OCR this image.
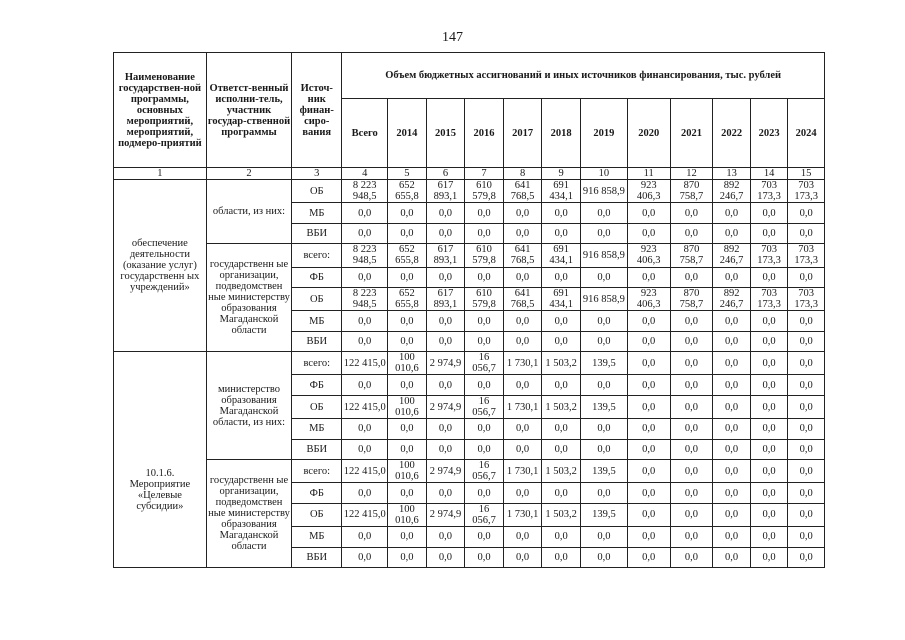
147
Наименование государствен-ной программы, основных мероприятий, мероприятий, подмеро-приятий	Ответст-венный исполни-тель, участник государ-ственной программы	Источ-ник финан-сиро-вания	Объем бюджетных ассигнований и иных источников финансирования, тыс. рублей											
			Всего	2014	2015	2016	2017	2018	2019	2020	2021	2022	2023	2024
1	2	3	4	5	6	7	8	9	10	11	12	13	14	15
обеспечение деятельности (оказание услуг) государственн ых учреждений»	области, из них:	ОБ	8 223 948,5	652 655,8	617 893,1	610 579,8	641 768,5	691 434,1	916 858,9	923 406,3	870 758,7	892 246,7	703 173,3	703 173,3
		МБ	0,0	0,0	0,0	0,0	0,0	0,0	0,0	0,0	0,0	0,0	0,0	0,0
		ВБИ	0,0	0,0	0,0	0,0	0,0	0,0	0,0	0,0	0,0	0,0	0,0	0,0
	государственн ые организации, подведомствен ные министерству образования Магаданской области	всего:	8 223 948,5	652 655,8	617 893,1	610 579,8	641 768,5	691 434,1	916 858,9	923 406,3	870 758,7	892 246,7	703 173,3	703 173,3
		ФБ	0,0	0,0	0,0	0,0	0,0	0,0	0,0	0,0	0,0	0,0	0,0	0,0
		ОБ	8 223 948,5	652 655,8	617 893,1	610 579,8	641 768,5	691 434,1	916 858,9	923 406,3	870 758,7	892 246,7	703 173,3	703 173,3
		МБ	0,0	0,0	0,0	0,0	0,0	0,0	0,0	0,0	0,0	0,0	0,0	0,0
		ВБИ	0,0	0,0	0,0	0,0	0,0	0,0	0,0	0,0	0,0	0,0	0,0	0,0
10.1.6. Мероприятие «Целевые субсидии»	министерство образования Магаданской области, из них:	всего:	122 415,0	100 010,6	2 974,9	16 056,7	1 730,1	1 503,2	139,5	0,0	0,0	0,0	0,0	0,0
		ФБ	0,0	0,0	0,0	0,0	0,0	0,0	0,0	0,0	0,0	0,0	0,0	0,0
		ОБ	122 415,0	100 010,6	2 974,9	16 056,7	1 730,1	1 503,2	139,5	0,0	0,0	0,0	0,0	0,0
		МБ	0,0	0,0	0,0	0,0	0,0	0,0	0,0	0,0	0,0	0,0	0,0	0,0
		ВБИ	0,0	0,0	0,0	0,0	0,0	0,0	0,0	0,0	0,0	0,0	0,0	0,0
	государственн ые организации, подведомствен ные министерству образования Магаданской области	всего:	122 415,0	100 010,6	2 974,9	16 056,7	1 730,1	1 503,2	139,5	0,0	0,0	0,0	0,0	0,0
		ФБ	0,0	0,0	0,0	0,0	0,0	0,0	0,0	0,0	0,0	0,0	0,0	0,0
		ОБ	122 415,0	100 010,6	2 974,9	16 056,7	1 730,1	1 503,2	139,5	0,0	0,0	0,0	0,0	0,0
		МБ	0,0	0,0	0,0	0,0	0,0	0,0	0,0	0,0	0,0	0,0	0,0	0,0
		ВБИ	0,0	0,0	0,0	0,0	0,0	0,0	0,0	0,0	0,0	0,0	0,0	0,0
